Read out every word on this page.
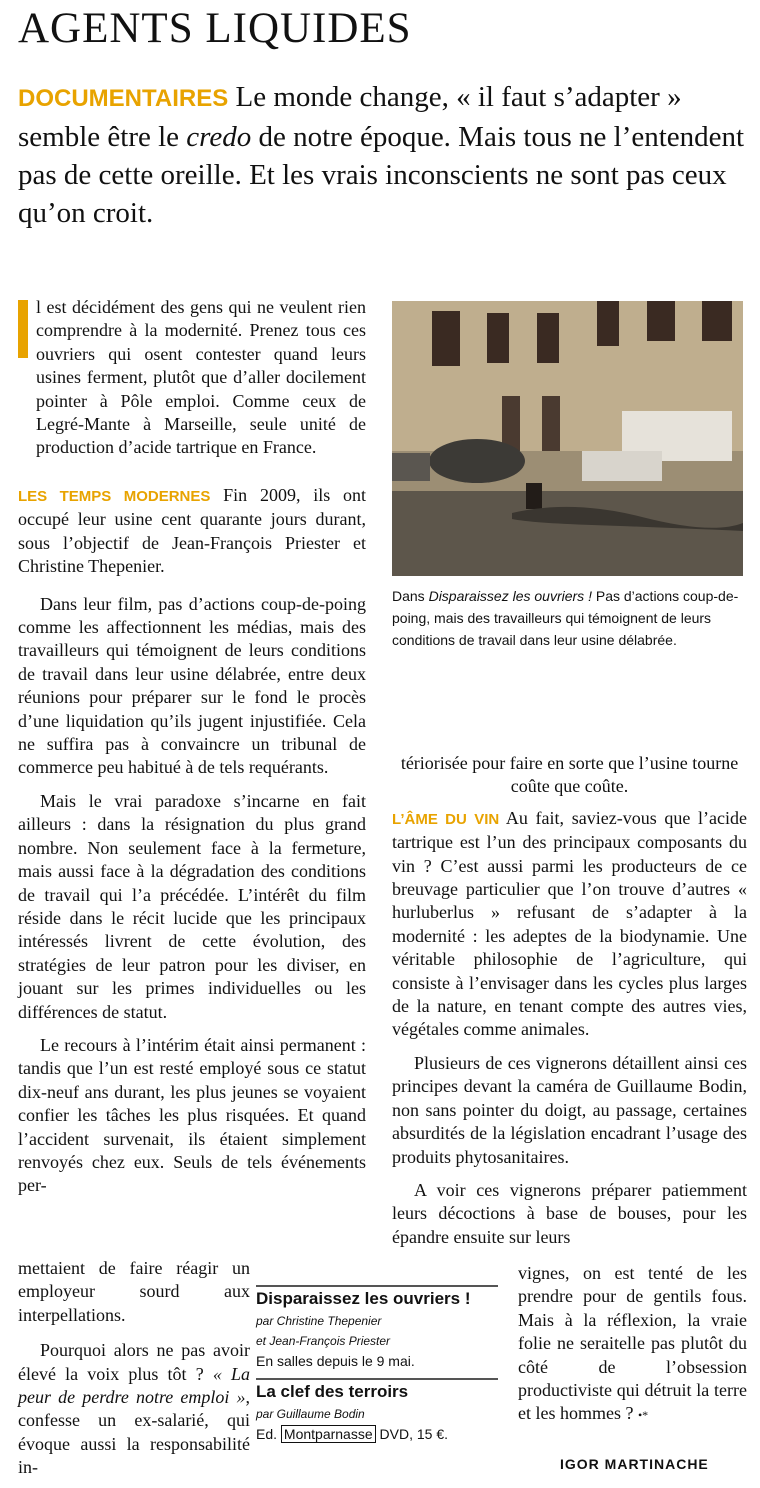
AGENTS LIQUIDES
DOCUMENTAIRES Le monde change, « il faut s’adapter » semble être le credo de notre époque. Mais tous ne l’entendent pas de cette oreille. Et les vrais inconscients ne sont pas ceux qu’on croit.

l est décidément des gens qui ne veulent rien comprendre à la modernité. Prenez tous ces ouvriers qui osent contester quand leurs usines ferment, plutôt que d’aller docilement pointer à Pôle emploi. Comme ceux de Legré-Mante à Marseille, seule unité de production d’acide tartrique en France.

LES TEMPS MODERNES Fin 2009, ils ont occupé leur usine cent quarante jours durant, sous l’objectif de Jean-François Priester et Christine Thepenier.

Dans leur film, pas d’actions coup-de-poing comme les affectionnent les médias, mais des travailleurs qui témoignent de leurs conditions de travail dans leur usine délabrée, entre deux réunions pour préparer sur le fond le procès d’une liquidation qu’ils jugent injustifiée. Cela ne suffira pas à convaincre un tribunal de commerce peu habitué à de tels requérants.

Mais le vrai paradoxe s’incarne en fait ailleurs : dans la résignation du plus grand nombre. Non seulement face à la fermeture, mais aussi face à la dégradation des conditions de travail qui l’a précédée. L’intérêt du film réside dans le récit lucide que les principaux intéressés livrent de cette évolution, des stratégies de leur patron pour les diviser, en jouant sur les primes individuelles ou les différences de statut.

Le recours à l’intérim était ainsi permanent : tandis que l’un est resté employé sous ce statut dix-neuf ans durant, les plus jeunes se voyaient confier les tâches les plus risquées. Et quand l’accident survenait, ils étaient simplement renvoyés chez eux. Seuls de tels événements per-

mettaient de faire réagir un employeur sourd aux interpellations.

Pourquoi alors ne pas avoir élevé la voix plus tôt ? « La peur de perdre notre emploi », confesse un ex-salarié, qui évoque aussi la responsabilité in-

Dans Disparaissez les ouvriers ! Pas d’actions coup-de-poing, mais des travailleurs qui témoignent de leurs conditions de travail dans leur usine délabrée.

tériorisée pour faire en sorte que l’usine tourne coûte que coûte.

L’ÂME DU VIN Au fait, saviez-vous que l’acide tartrique est l’un des principaux composants du vin ? C’est aussi parmi les producteurs de ce breuvage particulier que l’on trouve d’autres « hurluberlus » refusant de s’adapter à la modernité : les adeptes de la biodynamie. Une véritable philosophie de l’agriculture, qui consiste à l’envisager dans les cycles plus larges de la nature, en tenant compte des autres vies, végétales comme animales.

Plusieurs de ces vignerons détaillent ainsi ces principes devant la caméra de Guillaume Bodin, non sans pointer du doigt, au passage, certaines absurdités de la législation encadrant l’usage des produits phytosanitaires.

A voir ces vignerons préparer patiemment leurs décoctions à base de bouses, pour les épandre ensuite sur leurs

vignes, on est tenté de les prendre pour de gentils fous. Mais à la réflexion, la vraie folie ne seraitelle pas plutôt du côté de l’obsession productiviste qui détruit la terre et les hommes ? •*

Disparaissez les ouvriers !
par Christine Thepenier
et Jean-François Priester
En salles depuis le 9 mai.
La clef des terroirs
par Guillaume Bodin
Ed. Montparnasse DVD, 15 €.
IGOR MARTINACHE
